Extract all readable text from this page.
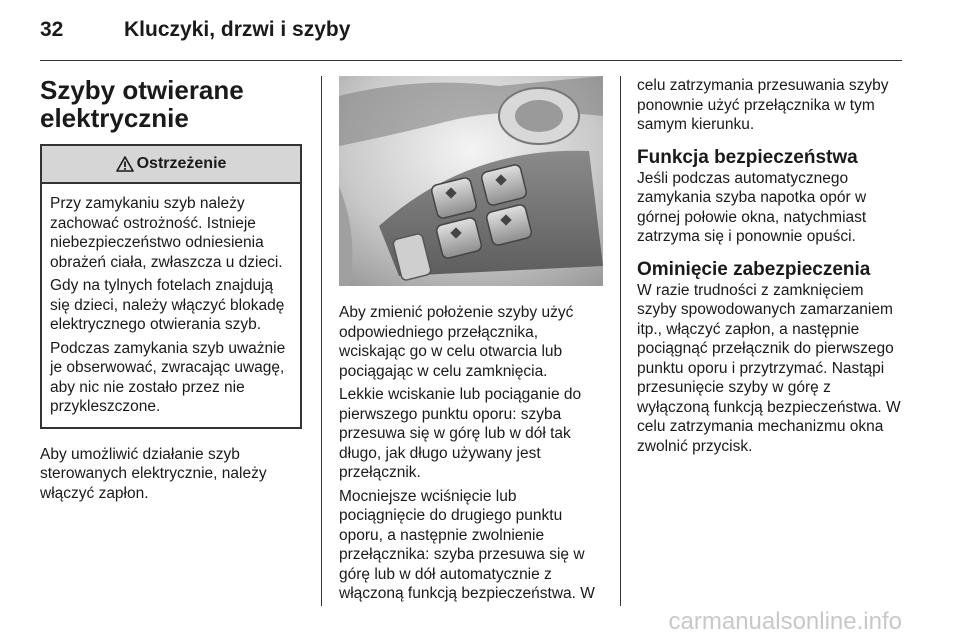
32	Kluczyki, drzwi i szyby
Szyby otwierane
elektrycznie
Ostrzeżenie

Przy zamykaniu szyb należy zachować ostrożność. Istnieje niebezpieczeństwo odniesienia obrażeń ciała, zwłaszcza u dzieci.

Gdy na tylnych fotelach znajdują się dzieci, należy włączyć blokadę elektrycznego otwierania szyb.

Podczas zamykania szyb uważnie je obserwować, zwracając uwagę, aby nic nie zostało przez nie przykleszczone.

Aby umożliwić działanie szyb sterowanych elektrycznie, należy włączyć zapłon.

Aby zmienić położenie szyby użyć odpowiedniego przełącznika, wciskając go w celu otwarcia lub pociągając w celu zamknięcia.

Lekkie wciskanie lub pociąganie do pierwszego punktu oporu: szyba przesuwa się w górę lub w dół tak długo, jak długo używany jest przełącznik.

Mocniejsze wciśnięcie lub pociągnięcie do drugiego punktu oporu, a następnie zwolnienie przełącznika: szyba przesuwa się w górę lub w dół automatycznie z włączoną funkcją bezpieczeństwa. W

celu zatrzymania przesuwania szyby ponownie użyć przełącznika w tym samym kierunku.

Funkcja bezpieczeństwa

Jeśli podczas automatycznego zamykania szyba napotka opór w górnej połowie okna, natychmiast zatrzyma się i ponownie opuści.

Ominięcie zabezpieczenia

W razie trudności z zamknięciem szyby spowodowanych zamarzaniem itp., włączyć zapłon, a następnie pociągnąć przełącznik do pierwszego punktu oporu i przytrzymać. Nastąpi przesunięcie szyby w górę z wyłączoną funkcją bezpieczeństwa. W celu zatrzymania mechanizmu okna zwolnić przycisk.

carmanualsonline.info
